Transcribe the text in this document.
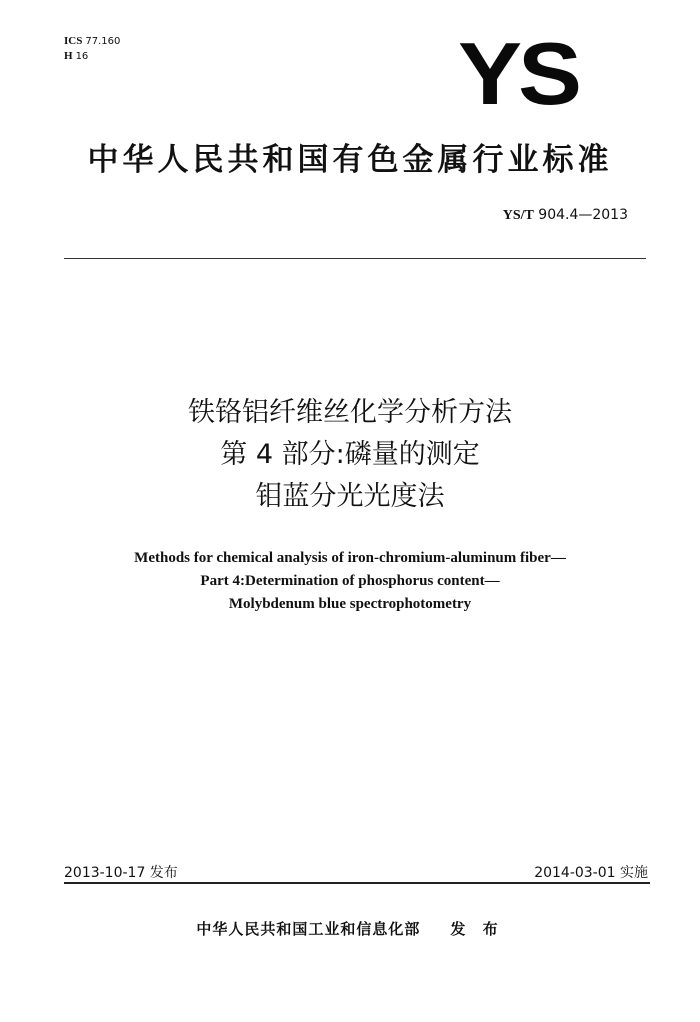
ICS 77.160
H 16	YS
中华人民共和国有色金属行业标准
YS/T 904.4—2013
铁铬铝纤维丝化学分析方法
第 4 部分:磷量的测定
钼蓝分光光度法
Methods for chemical analysis of iron-chromium-aluminum fiber—
Part 4:Determination of phosphorus content—
Molybdenum blue spectrophotometry
2013-10-17 发布	2014-03-01 实施
中华人民共和国工业和信息化部 发 布
